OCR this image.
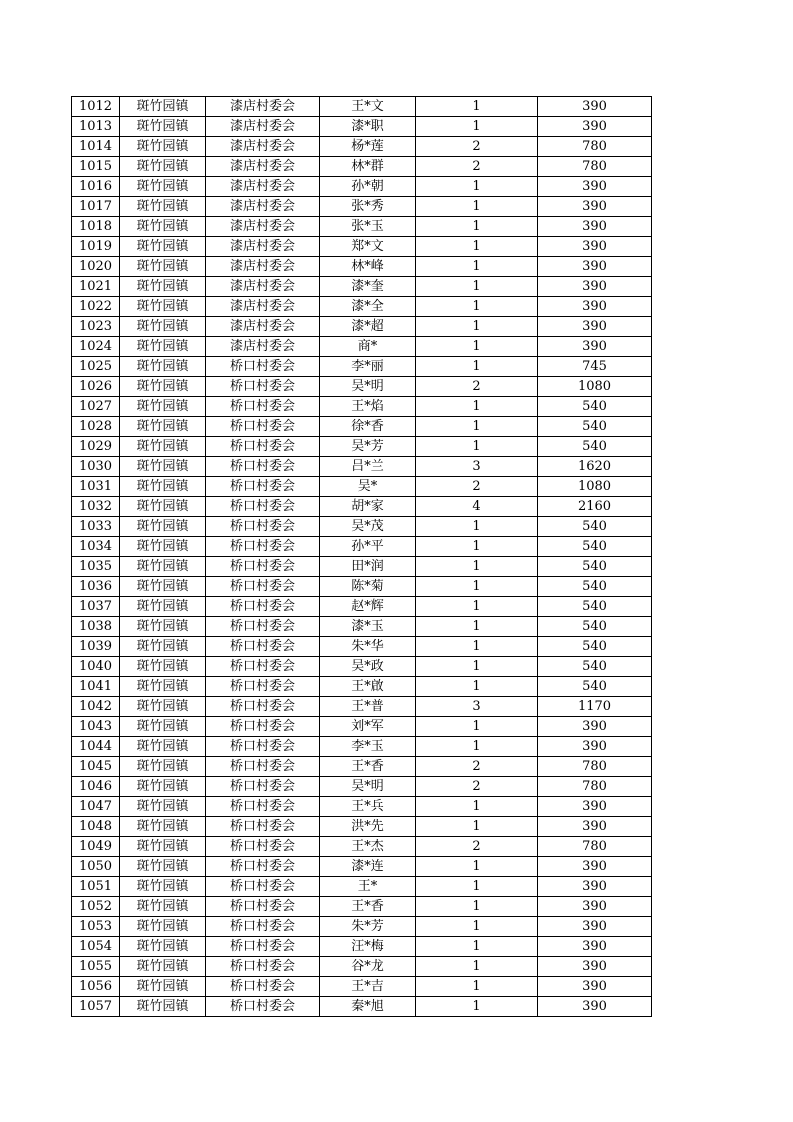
1012	斑竹园镇	漆店村委会	王*文	1	390
1013	斑竹园镇	漆店村委会	漆*职	1	390
1014	斑竹园镇	漆店村委会	杨*莲	2	780
1015	斑竹园镇	漆店村委会	林*群	2	780
1016	斑竹园镇	漆店村委会	孙*朝	1	390
1017	斑竹园镇	漆店村委会	张*秀	1	390
1018	斑竹园镇	漆店村委会	张*玉	1	390
1019	斑竹园镇	漆店村委会	郑*文	1	390
1020	斑竹园镇	漆店村委会	林*峰	1	390
1021	斑竹园镇	漆店村委会	漆*奎	1	390
1022	斑竹园镇	漆店村委会	漆*全	1	390
1023	斑竹园镇	漆店村委会	漆*超	1	390
1024	斑竹园镇	漆店村委会	商*	1	390
1025	斑竹园镇	桥口村委会	李*丽	1	745
1026	斑竹园镇	桥口村委会	吴*明	2	1080
1027	斑竹园镇	桥口村委会	王*焰	1	540
1028	斑竹园镇	桥口村委会	徐*香	1	540
1029	斑竹园镇	桥口村委会	吴*芳	1	540
1030	斑竹园镇	桥口村委会	吕*兰	3	1620
1031	斑竹园镇	桥口村委会	吴*	2	1080
1032	斑竹园镇	桥口村委会	胡*家	4	2160
1033	斑竹园镇	桥口村委会	吴*茂	1	540
1034	斑竹园镇	桥口村委会	孙*平	1	540
1035	斑竹园镇	桥口村委会	田*润	1	540
1036	斑竹园镇	桥口村委会	陈*菊	1	540
1037	斑竹园镇	桥口村委会	赵*辉	1	540
1038	斑竹园镇	桥口村委会	漆*玉	1	540
1039	斑竹园镇	桥口村委会	朱*华	1	540
1040	斑竹园镇	桥口村委会	吴*政	1	540
1041	斑竹园镇	桥口村委会	王*啟	1	540
1042	斑竹园镇	桥口村委会	王*普	3	1170
1043	斑竹园镇	桥口村委会	刘*军	1	390
1044	斑竹园镇	桥口村委会	李*玉	1	390
1045	斑竹园镇	桥口村委会	王*香	2	780
1046	斑竹园镇	桥口村委会	吴*明	2	780
1047	斑竹园镇	桥口村委会	王*兵	1	390
1048	斑竹园镇	桥口村委会	洪*先	1	390
1049	斑竹园镇	桥口村委会	王*杰	2	780
1050	斑竹园镇	桥口村委会	漆*连	1	390
1051	斑竹园镇	桥口村委会	王*	1	390
1052	斑竹园镇	桥口村委会	王*香	1	390
1053	斑竹园镇	桥口村委会	朱*芳	1	390
1054	斑竹园镇	桥口村委会	汪*梅	1	390
1055	斑竹园镇	桥口村委会	谷*龙	1	390
1056	斑竹园镇	桥口村委会	王*吉	1	390
1057	斑竹园镇	桥口村委会	秦*旭	1	390
